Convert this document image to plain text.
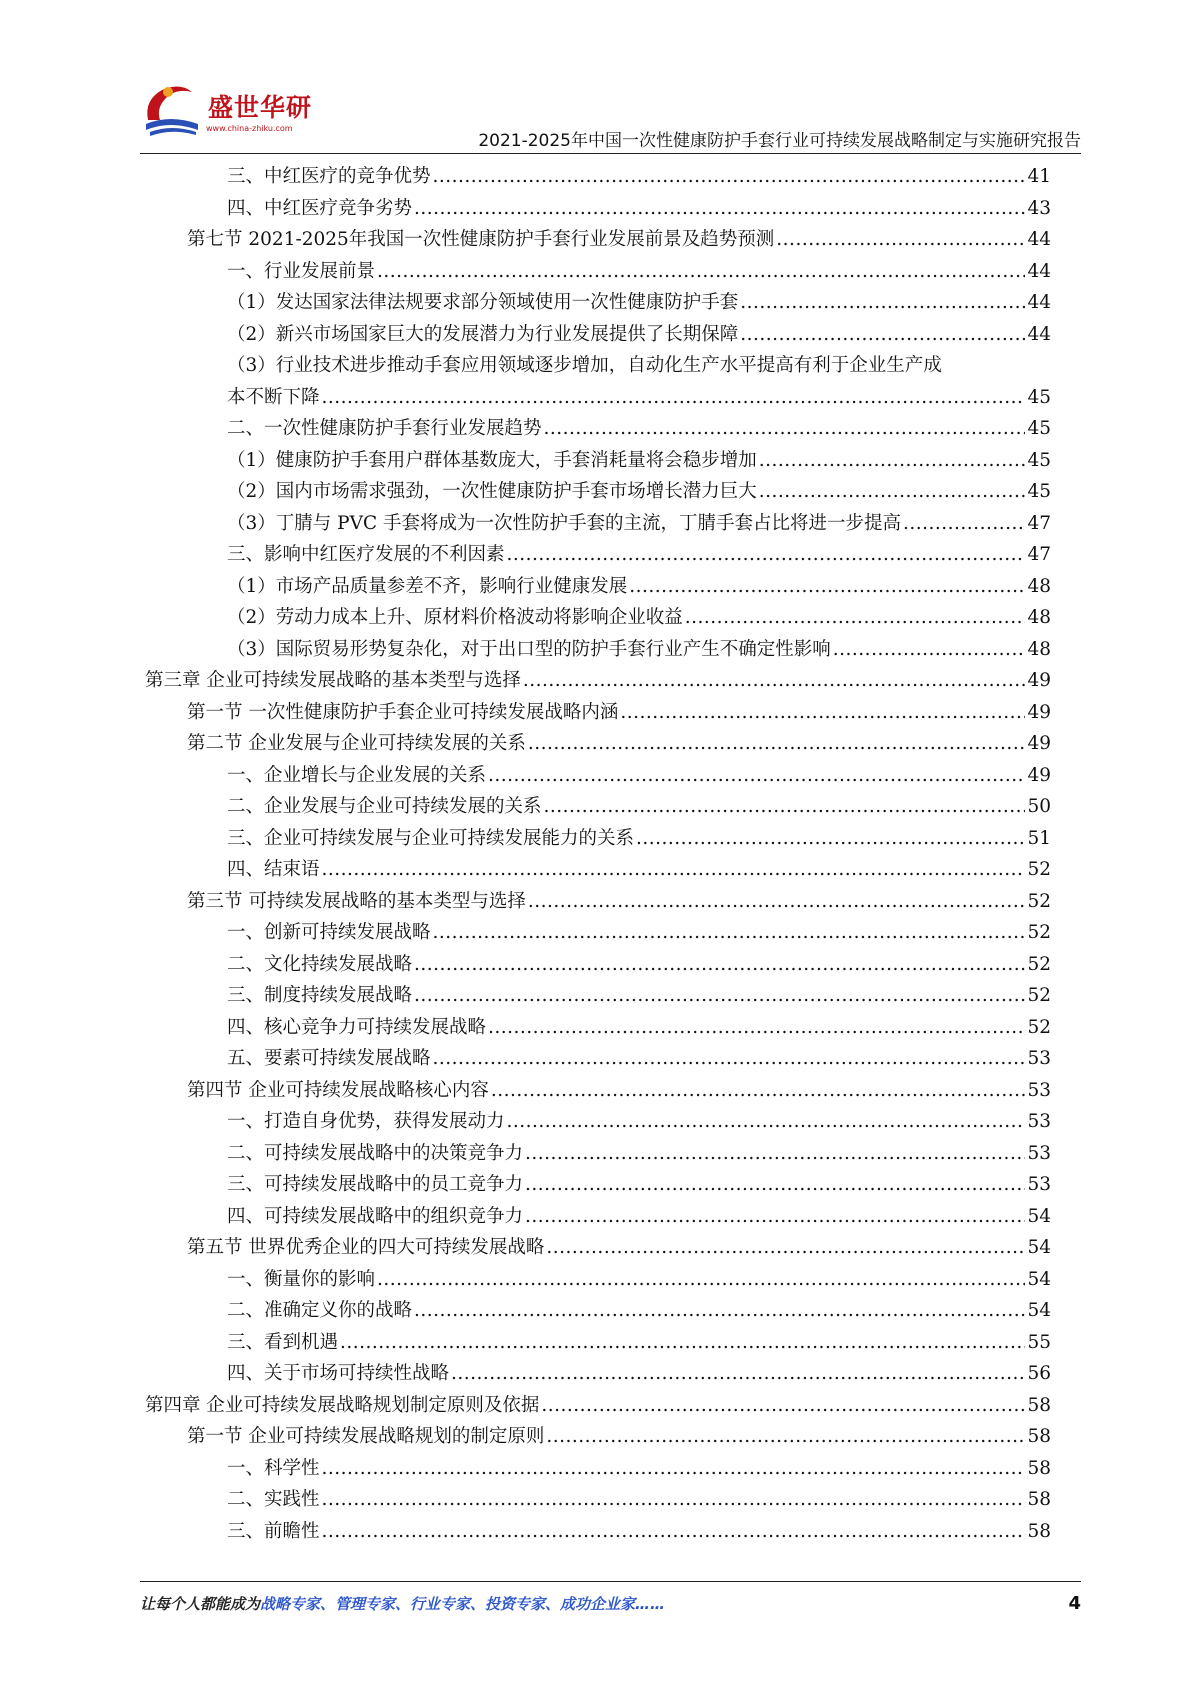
盛世华研
www.china-zhiku.com
2021-2025年中国一次性健康防护手套行业可持续发展战略制定与实施研究报告
三、中红医疗的竞争优势 .....	41
四、中红医疗竞争劣势 .....	43
第七节 2021-2025年我国一次性健康防护手套行业发展前景及趋势预测 .....	44
一、行业发展前景 .....	44
（1）发达国家法律法规要求部分领域使用一次性健康防护手套 .....	44
（2）新兴市场国家巨大的发展潜力为行业发展提供了长期保障 .....	44
（3）行业技术进步推动手套应用领域逐步增加，自动化生产水平提高有利于企业生产成
本不断下降 .....	45
二、一次性健康防护手套行业发展趋势 .....	45
（1）健康防护手套用户群体基数庞大，手套消耗量将会稳步增加 .....	45
（2）国内市场需求强劲，一次性健康防护手套市场增长潜力巨大 .....	45
（3）丁腈与 PVC 手套将成为一次性防护手套的主流，丁腈手套占比将进一步提高 .....	47
三、影响中红医疗发展的不利因素 .....	47
（1）市场产品质量参差不齐，影响行业健康发展 .....	48
（2）劳动力成本上升、原材料价格波动将影响企业收益 .....	48
（3）国际贸易形势复杂化，对于出口型的防护手套行业产生不确定性影响 .....	48
第三章 企业可持续发展战略的基本类型与选择 .....	49
第一节 一次性健康防护手套企业可持续发展战略内涵 .....	49
第二节 企业发展与企业可持续发展的关系 .....	49
一、企业增长与企业发展的关系 .....	49
二、企业发展与企业可持续发展的关系 .....	50
三、企业可持续发展与企业可持续发展能力的关系 .....	51
四、结束语 .....	52
第三节 可持续发展战略的基本类型与选择 .....	52
一、创新可持续发展战略 .....	52
二、文化持续发展战略 .....	52
三、制度持续发展战略 .....	52
四、核心竞争力可持续发展战略 .....	52
五、要素可持续发展战略 .....	53
第四节 企业可持续发展战略核心内容 .....	53
一、打造自身优势，获得发展动力 .....	53
二、可持续发展战略中的决策竞争力 .....	53
三、可持续发展战略中的员工竞争力 .....	53
四、可持续发展战略中的组织竞争力 .....	54
第五节 世界优秀企业的四大可持续发展战略 .....	54
一、衡量你的影响 .....	54
二、准确定义你的战略 .....	54
三、看到机遇 .....	55
四、关于市场可持续性战略 .....	56
第四章 企业可持续发展战略规划制定原则及依据 .....	58
第一节 企业可持续发展战略规划的制定原则 .....	58
一、科学性 .....	58
二、实践性 .....	58
三、前瞻性 .....	58
让每个人都能成为战略专家、管理专家、行业专家、投资专家、成功企业家……	4
